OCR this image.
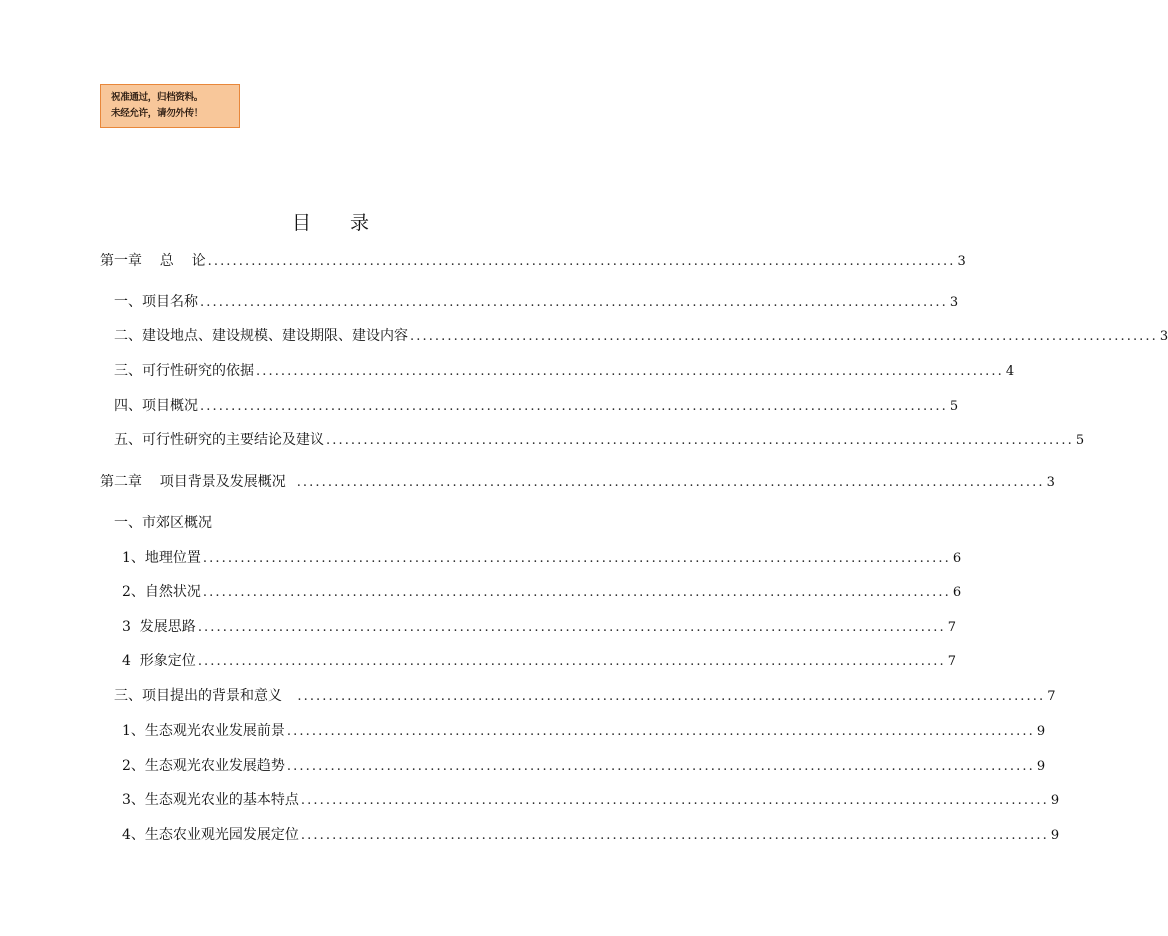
祝准通过，归档资料。
未经允许，请勿外传！
目 录
第一章    总    论 ........................................................................................................................ 3
一、项目名称 ........................................................................................................................ 3
二、建设地点、建设规模、建设期限、建设内容 ........................................................................................................................ 3
三、可行性研究的依据 ........................................................................................................................ 4
四、项目概况 ........................................................................................................................ 5
五、可行性研究的主要结论及建议 ........................................................................................................................ 5
第二章    项目背景及发展概况 ........................................................................................................................ 3
一、市郊区概况
1、地理位置 ........................................................................................................................ 6
2、自然状况 ........................................................................................................................ 6
3  发展思路 ........................................................................................................................ 7
4  形象定位 ........................................................................................................................ 7
三、项目提出的背景和意义 ........................................................................................................................ 7
1、生态观光农业发展前景 ........................................................................................................................ 9
2、生态观光农业发展趋势 ........................................................................................................................ 9
3、生态观光农业的基本特点 ........................................................................................................................ 9
4、生态农业观光园发展定位 ........................................................................................................................ 9
